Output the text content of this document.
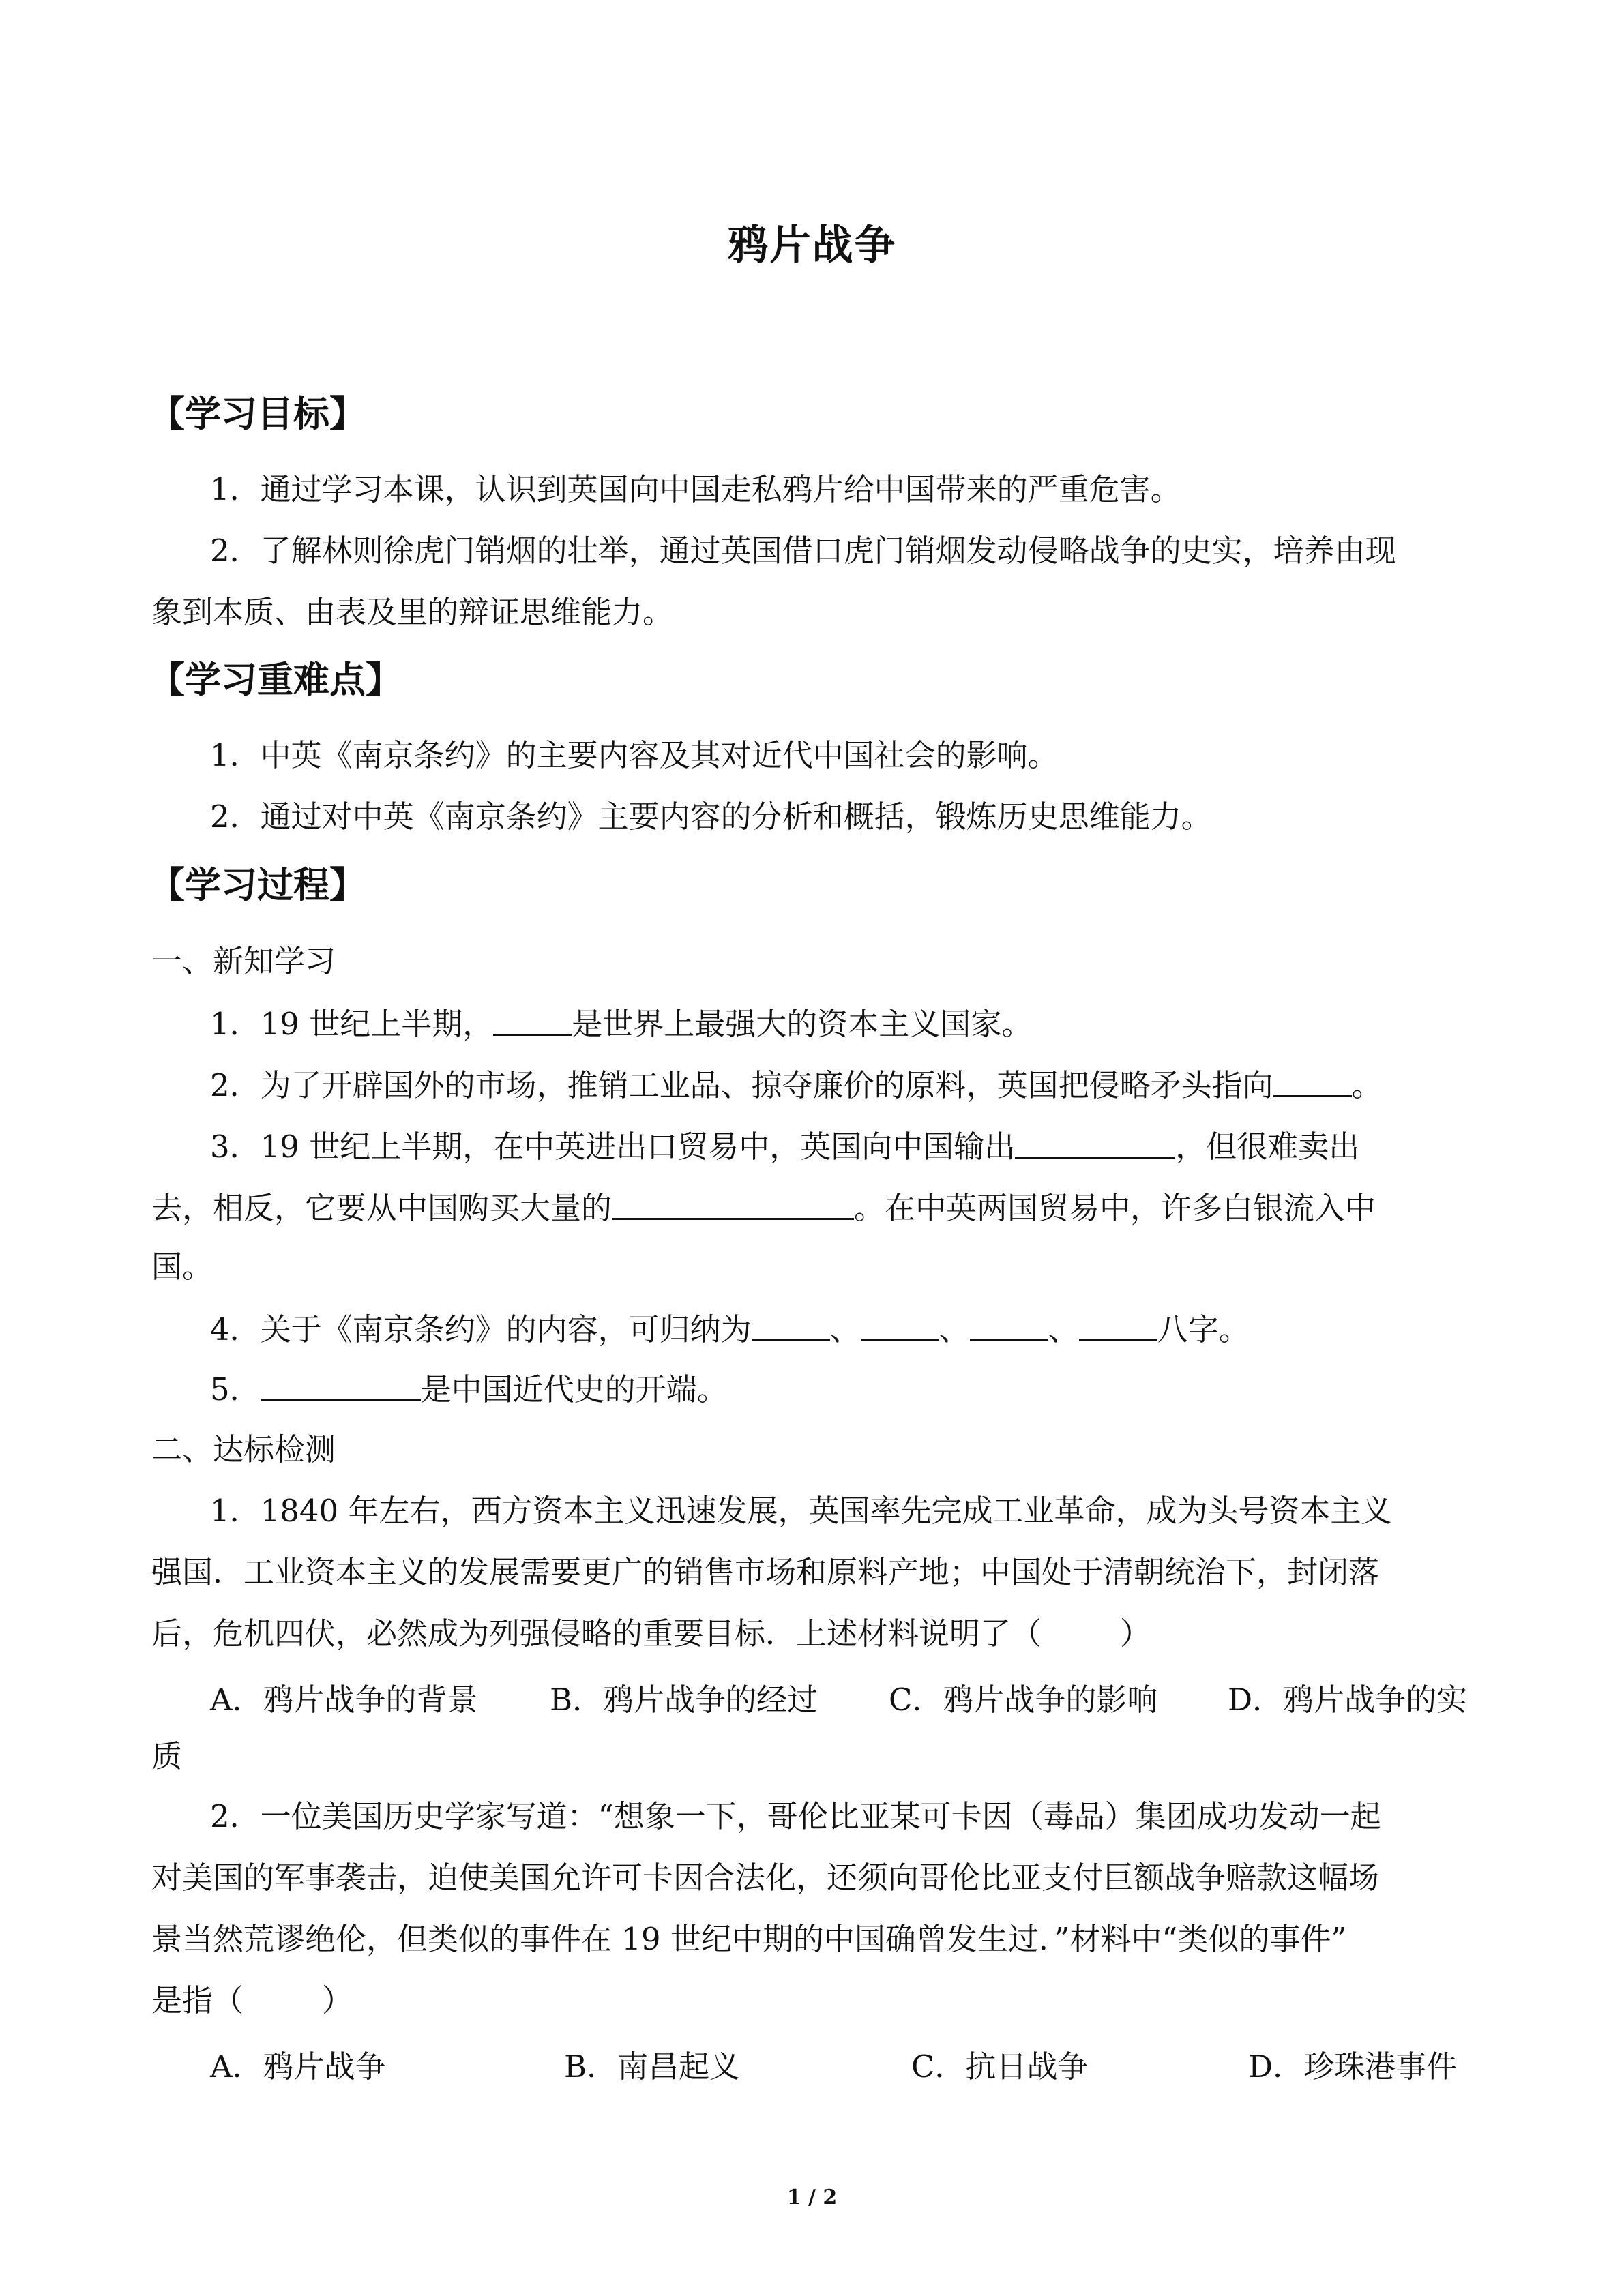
鸦片战争
【学习目标】
1．通过学习本课，认识到英国向中国走私鸦片给中国带来的严重危害。
2．了解林则徐虎门销烟的壮举，通过英国借口虎门销烟发动侵略战争的史实，培养由现
象到本质、由表及里的辩证思维能力。
【学习重难点】
1．中英《南京条约》的主要内容及其对近代中国社会的影响。
2．通过对中英《南京条约》主要内容的分析和概括，锻炼历史思维能力。
【学习过程】
一、新知学习
1．19 世纪上半期，	是世界上最强大的资本主义国家。
2．为了开辟国外的市场，推销工业品、掠夺廉价的原料，英国把侵略矛头指向	。
3．19 世纪上半期，在中英进出口贸易中，英国向中国输出	，但很难卖出
去，相反，它要从中国购买大量的	。在中英两国贸易中，许多白银流入中
国。
4．关于《南京条约》的内容，可归纳为	、	、	、	八字。
5．	是中国近代史的开端。
二、达标检测
1．1840 年左右，西方资本主义迅速发展，英国率先完成工业革命，成为头号资本主义
强国．工业资本主义的发展需要更广的销售市场和原料产地；中国处于清朝统治下，封闭落
后，危机四伏，必然成为列强侵略的重要目标．上述材料说明了（	）
A．鸦片战争的背景 B．鸦片战争的经过 C．鸦片战争的影响 D．鸦片战争的实
质
2．一位美国历史学家写道：“想象一下，哥伦比亚某可卡因（毒品）集团成功发动一起
对美国的军事袭击，迫使美国允许可卡因合法化，还须向哥伦比亚支付巨额战争赔款这幅场
景当然荒谬绝伦，但类似的事件在 19 世纪中期的中国确曾发生过．”材料中“类似的事件”
是指（	）
A．鸦片战争	B．南昌起义	C．抗日战争	D．珍珠港事件
1 / 2
